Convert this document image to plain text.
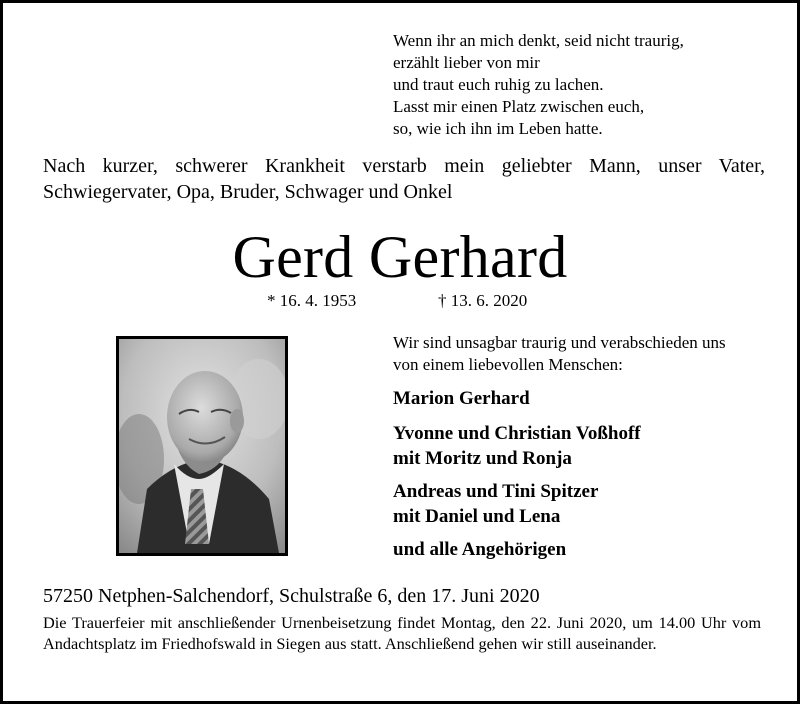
Wenn ihr an mich denkt, seid nicht traurig,
erzählt lieber von mir
und traut euch ruhig zu lachen.
Lasst mir einen Platz zwischen euch,
so, wie ich ihn im Leben hatte.
Nach kurzer, schwerer Krankheit verstarb mein geliebter Mann, unser Vater, Schwiegervater, Opa, Bruder, Schwager und Onkel
Gerd Gerhard
* 16. 4. 1953	† 13. 6. 2020
Wir sind unsagbar traurig und verabschieden uns
von einem liebevollen Menschen:
Marion Gerhard
Yvonne und Christian Voßhoff
mit Moritz und Ronja
Andreas und Tini Spitzer
mit Daniel und Lena
und alle Angehörigen
57250 Netphen-Salchendorf, Schulstraße 6, den 17. Juni 2020
Die Trauerfeier mit anschließender Urnenbeisetzung findet Montag, den 22. Juni 2020, um 14.00 Uhr vom Andachtsplatz im Friedhofswald in Siegen aus statt. Anschließend gehen wir still auseinander.
